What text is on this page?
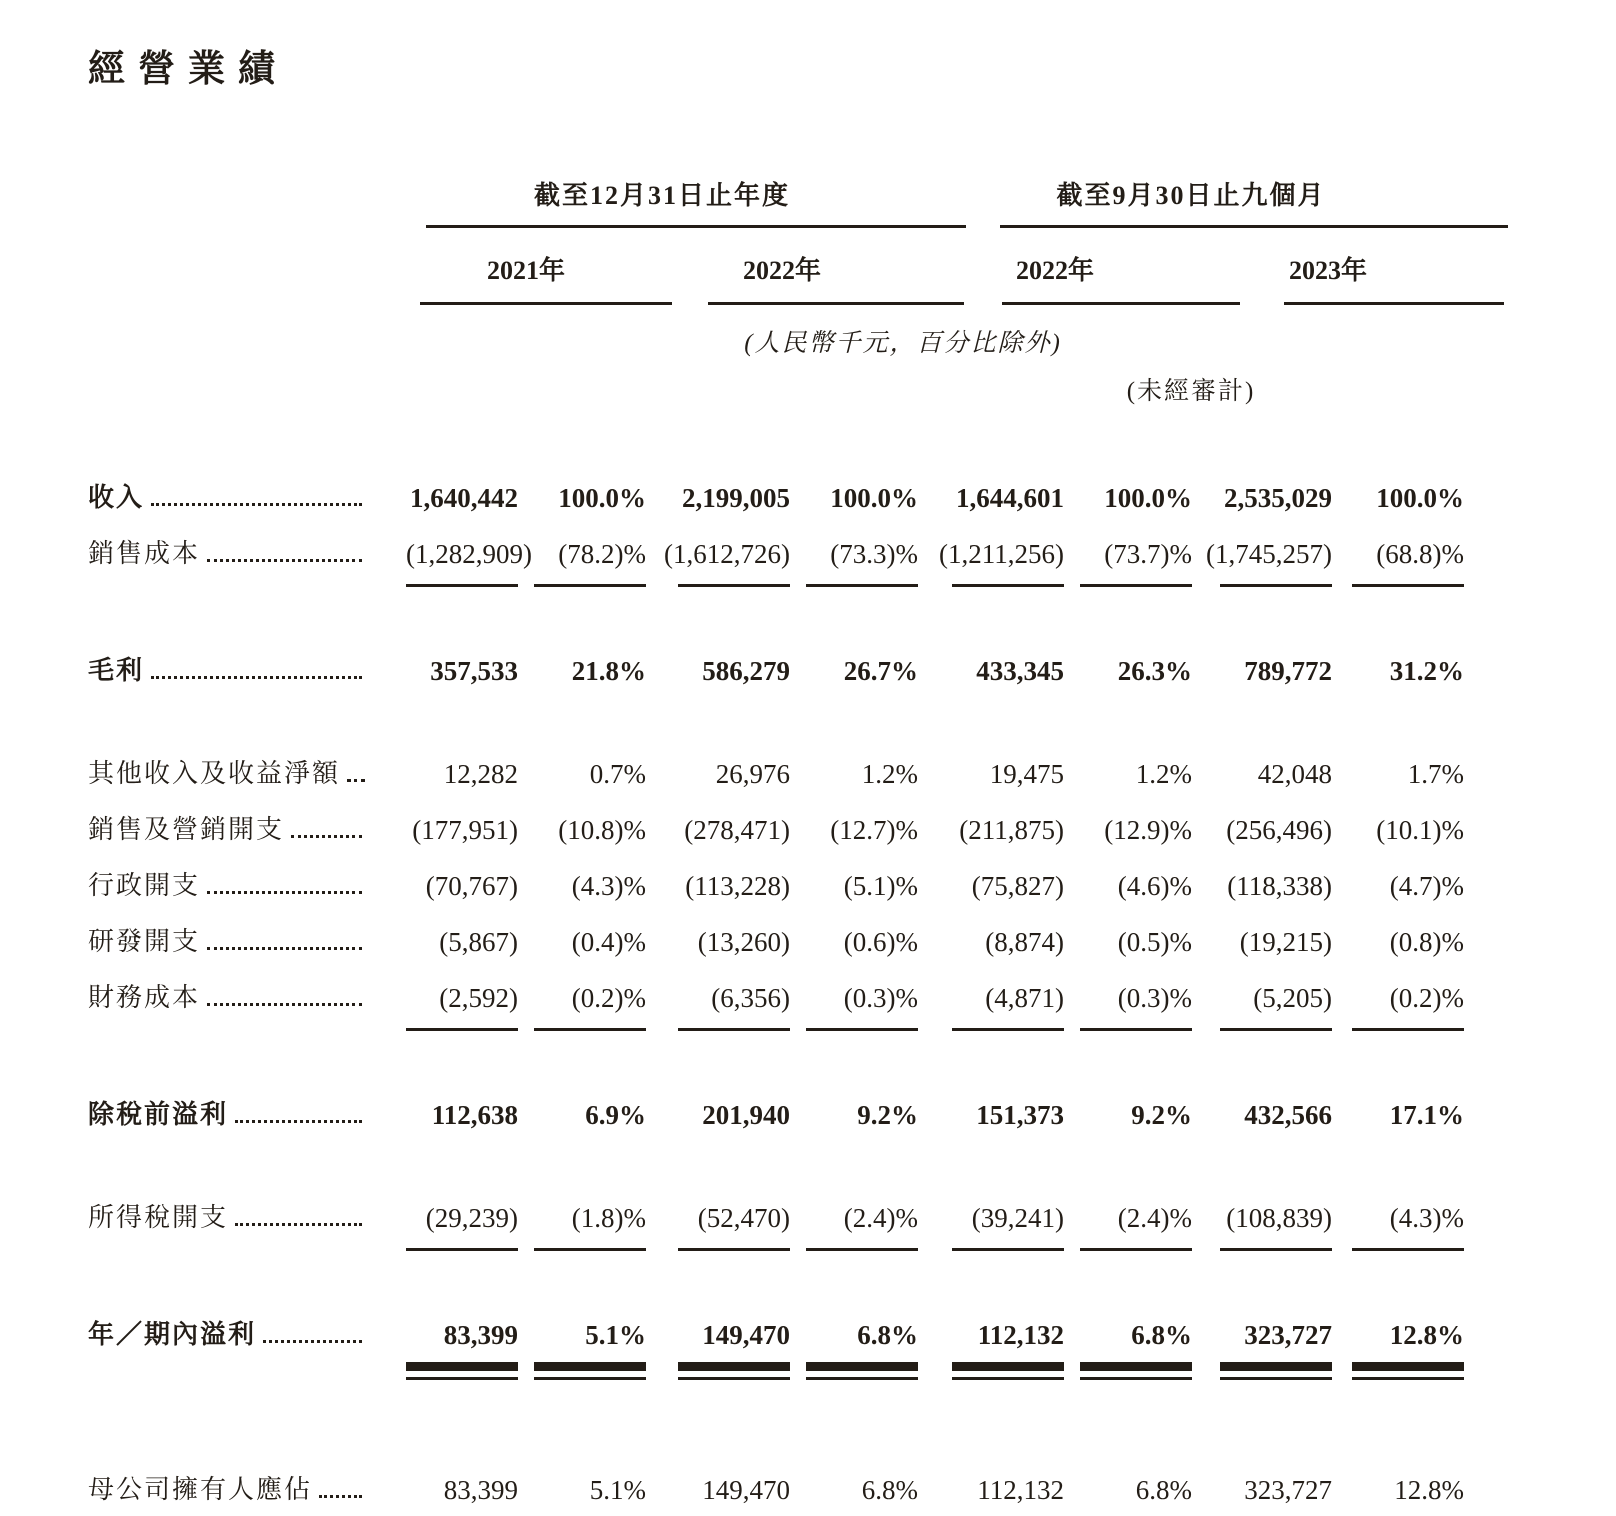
經營業績
	截至12月31日止年度				截至9月30日止九個月			
	2021年		2022年		2022年		2023年	
	(人民幣千元，百分比除外)							
					(未經審計)			

收入	1,640,442	100.0%	2,199,005	100.0%	1,644,601	100.0%	2,535,029	100.0%

銷售成本	(1,282,909)	(78.2)%	(1,612,726)	(73.3)%	(1,211,256)	(73.7)%	(1,745,257)	(68.8)%

毛利	357,533	21.8%	586,279	26.7%	433,345	26.3%	789,772	31.2%

其他收入及收益淨額	12,282	0.7%	26,976	1.2%	19,475	1.2%	42,048	1.7%

銷售及營銷開支	(177,951)	(10.8)%	(278,471)	(12.7)%	(211,875)	(12.9)%	(256,496)	(10.1)%

行政開支	(70,767)	(4.3)%	(113,228)	(5.1)%	(75,827)	(4.6)%	(118,338)	(4.7)%

研發開支	(5,867)	(0.4)%	(13,260)	(0.6)%	(8,874)	(0.5)%	(19,215)	(0.8)%

財務成本	(2,592)	(0.2)%	(6,356)	(0.3)%	(4,871)	(0.3)%	(5,205)	(0.2)%

除稅前溢利	112,638	6.9%	201,940	9.2%	151,373	9.2%	432,566	17.1%

所得稅開支	(29,239)	(1.8)%	(52,470)	(2.4)%	(39,241)	(2.4)%	(108,839)	(4.3)%

年／期內溢利	83,399	5.1%	149,470	6.8%	112,132	6.8%	323,727	12.8%

母公司擁有人應佔	83,399	5.1%	149,470	6.8%	112,132	6.8%	323,727	12.8%
